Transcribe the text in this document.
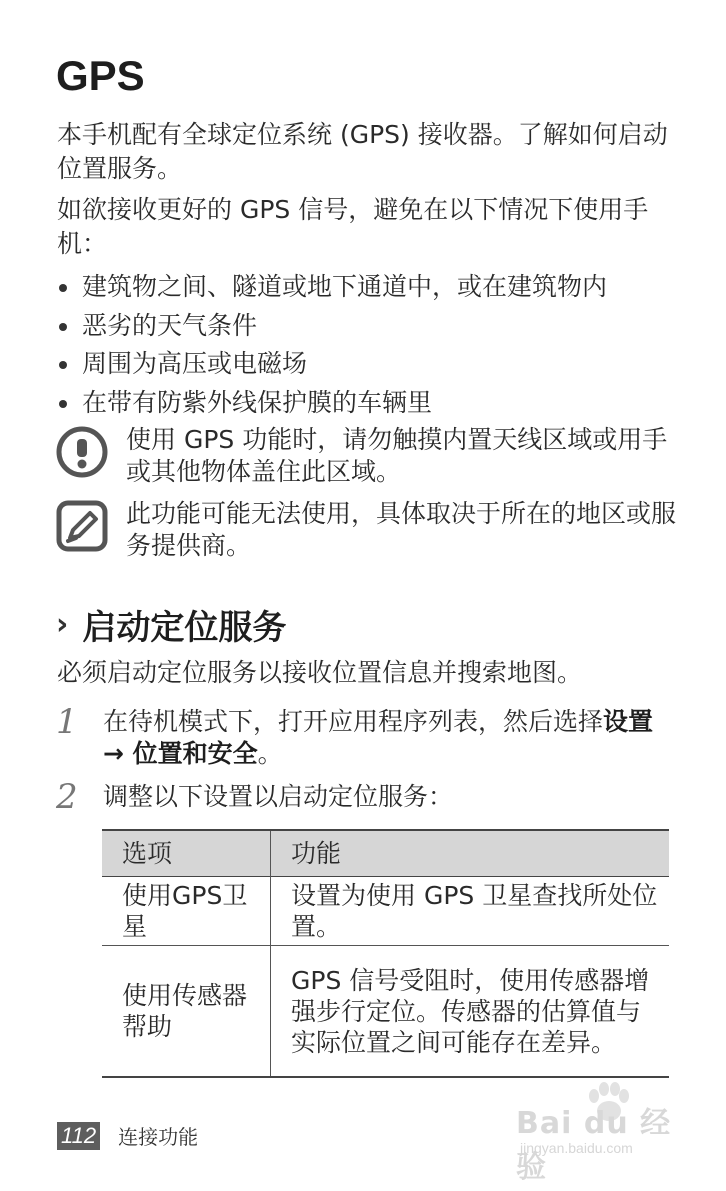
GPS

本手机配有全球定位系统 (GPS) 接收器。了解如何启动位置服务。

如欲接收更好的 GPS 信号，避免在以下情况下使用手机：

建筑物之间、隧道或地下通道中，或在建筑物内
恶劣的天气条件
周围为高压或电磁场
在带有防紫外线保护膜的车辆里
使用 GPS 功能时，请勿触摸内置天线区域或用手或其他物体盖住此区域。
此功能可能无法使用，具体取决于所在的地区或服务提供商。
› 启动定位服务

必须启动定位服务以接收位置信息并搜索地图。

1 在待机模式下，打开应用程序列表，然后选择设置 → 位置和安全。
2 调整以下设置以启动定位服务：
选项	功能
使用GPS卫星	设置为使用 GPS 卫星查找所处位置。
使用传感器帮助	GPS 信号受阻时，使用传感器增强步行定位。传感器的估算值与实际位置之间可能存在差异。
112 连接功能	Bai du 经验
jingyan.baidu.com
